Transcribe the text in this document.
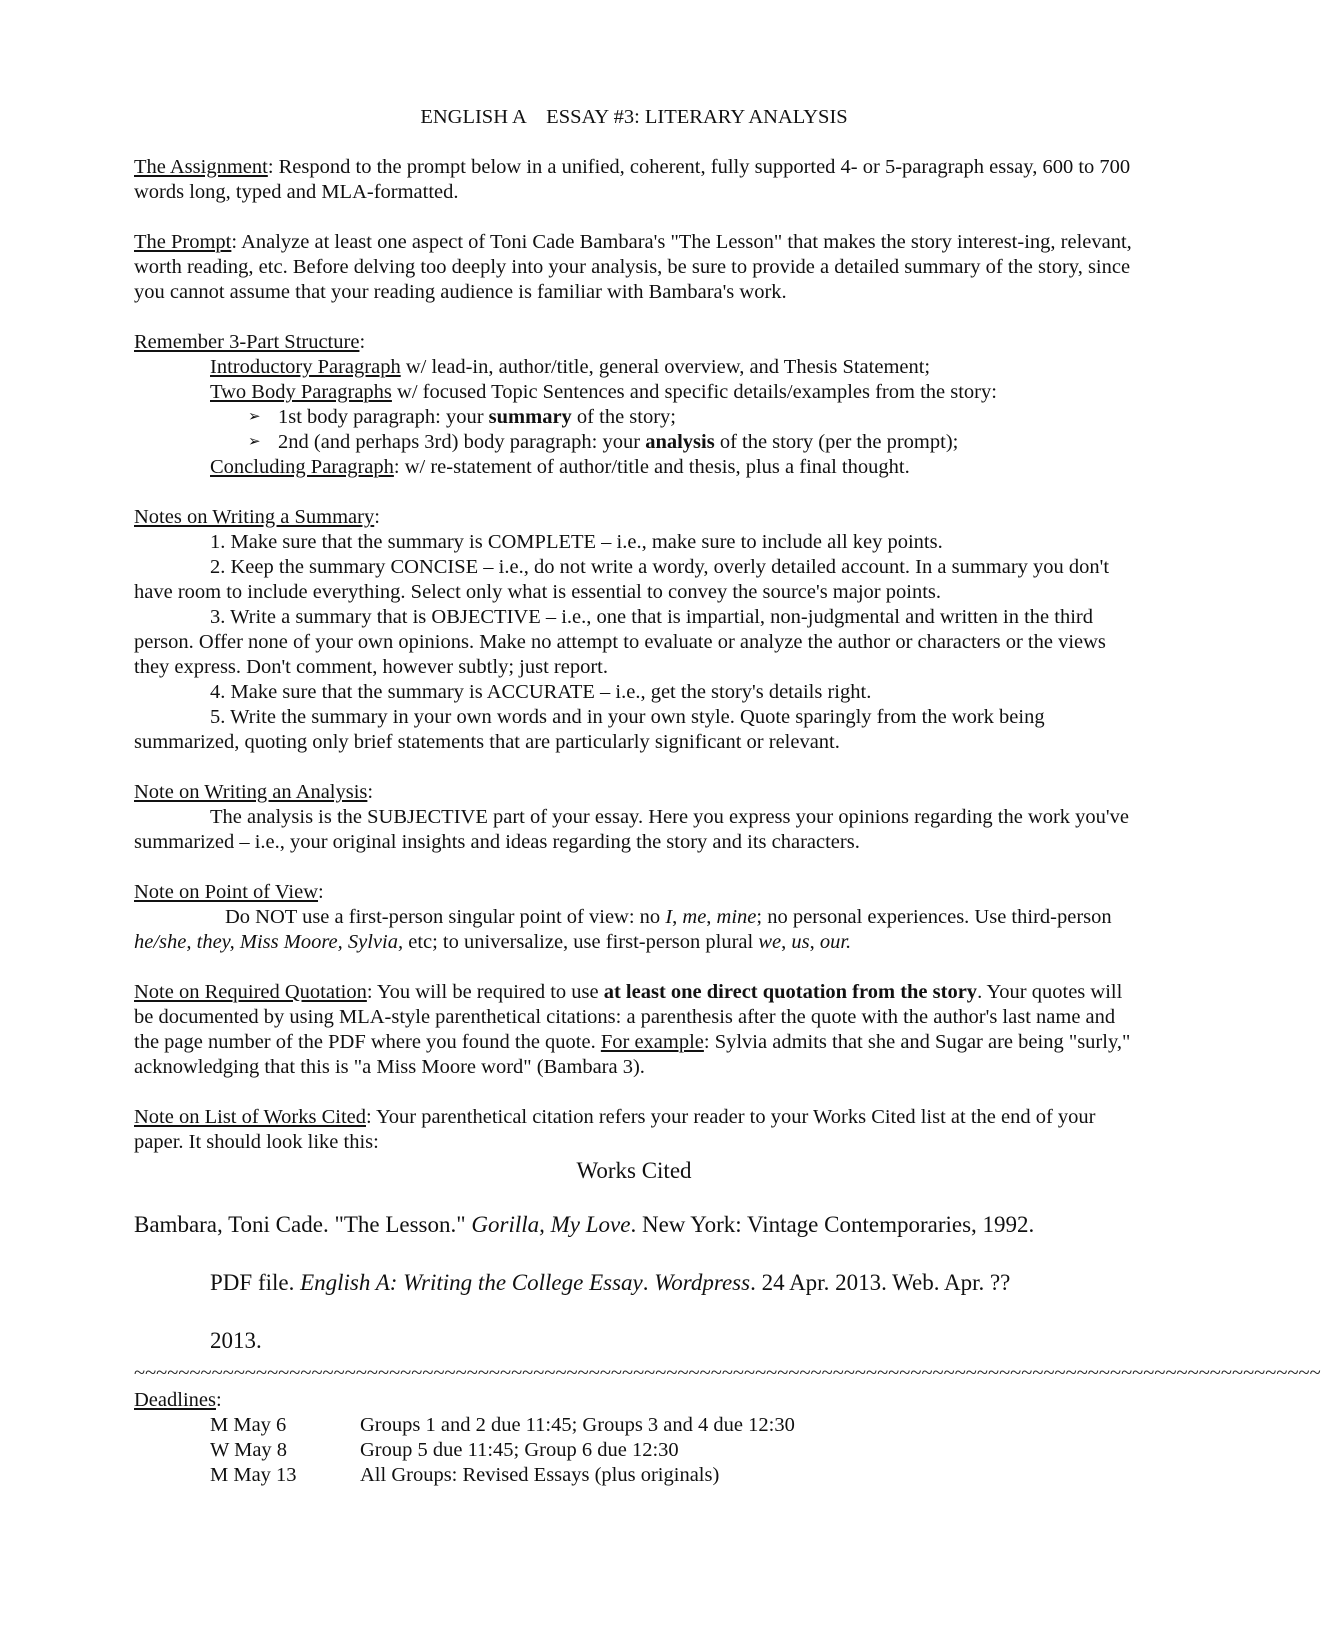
ENGLISH A    ESSAY #3: LITERARY ANALYSIS

The Assignment: Respond to the prompt below in a unified, coherent, fully supported 4- or 5-paragraph essay, 600 to 700 words long, typed and MLA-formatted.

The Prompt: Analyze at least one aspect of Toni Cade Bambara's "The Lesson" that makes the story interest-ing, relevant, worth reading, etc. Before delving too deeply into your analysis, be sure to provide a detailed summary of the story, since you cannot assume that your reading audience is familiar with Bambara's work.

Remember 3-Part Structure:

Introductory Paragraph w/ lead-in, author/title, general overview, and Thesis Statement;

Two Body Paragraphs w/ focused Topic Sentences and specific details/examples from the story:

➢ 1st body paragraph: your summary of the story;

➢ 2nd (and perhaps 3rd) body paragraph: your analysis of the story (per the prompt);

Concluding Paragraph: w/ re-statement of author/title and thesis, plus a final thought.

Notes on Writing a Summary:

1. Make sure that the summary is COMPLETE – i.e., make sure to include all key points.

2. Keep the summary CONCISE – i.e., do not write a wordy, overly detailed account. In a summary you don't have room to include everything. Select only what is essential to convey the source's major points.

3. Write a summary that is OBJECTIVE – i.e., one that is impartial, non-judgmental and written in the third person. Offer none of your own opinions. Make no attempt to evaluate or analyze the author or characters or the views they express. Don't comment, however subtly; just report.

4. Make sure that the summary is ACCURATE – i.e., get the story's details right.

5. Write the summary in your own words and in your own style. Quote sparingly from the work being summarized, quoting only brief statements that are particularly significant or relevant.

Note on Writing an Analysis:

The analysis is the SUBJECTIVE part of your essay. Here you express your opinions regarding the work you've summarized – i.e., your original insights and ideas regarding the story and its characters.

Note on Point of View:

Do NOT use a first-person singular point of view: no I, me, mine; no personal experiences. Use third-person he/she, they, Miss Moore, Sylvia, etc; to universalize, use first-person plural we, us, our.

Note on Required Quotation: You will be required to use at least one direct quotation from the story. Your quotes will be documented by using MLA-style parenthetical citations: a parenthesis after the quote with the author's last name and the page number of the PDF where you found the quote. For example: Sylvia admits that she and Sugar are being "surly," acknowledging that this is "a Miss Moore word" (Bambara 3).

Note on List of Works Cited: Your parenthetical citation refers your reader to your Works Cited list at the end of your paper. It should look like this:

Works Cited

Bambara, Toni Cade. "The Lesson." Gorilla, My Love. New York: Vintage Contemporaries, 1992.

PDF file. English A: Writing the College Essay. Wordpress. 24 Apr. 2013. Web. Apr. ??

2013.

~~~~~~~~~~~~~~~~~~~~~~~~~~~~~~~~~~~~~~~~~~~~~~~~~~~~~~~~~~~~~~~~~~~~~~~~~~~~~~~~~~~~~~~~~~~~~~~~~~~~~~~~~~~

Deadlines:

M May 6	Groups 1 and 2 due 11:45; Groups 3 and 4 due 12:30
W May 8	Group 5 due 11:45; Group 6 due 12:30
M May 13	All Groups: Revised Essays (plus originals)
